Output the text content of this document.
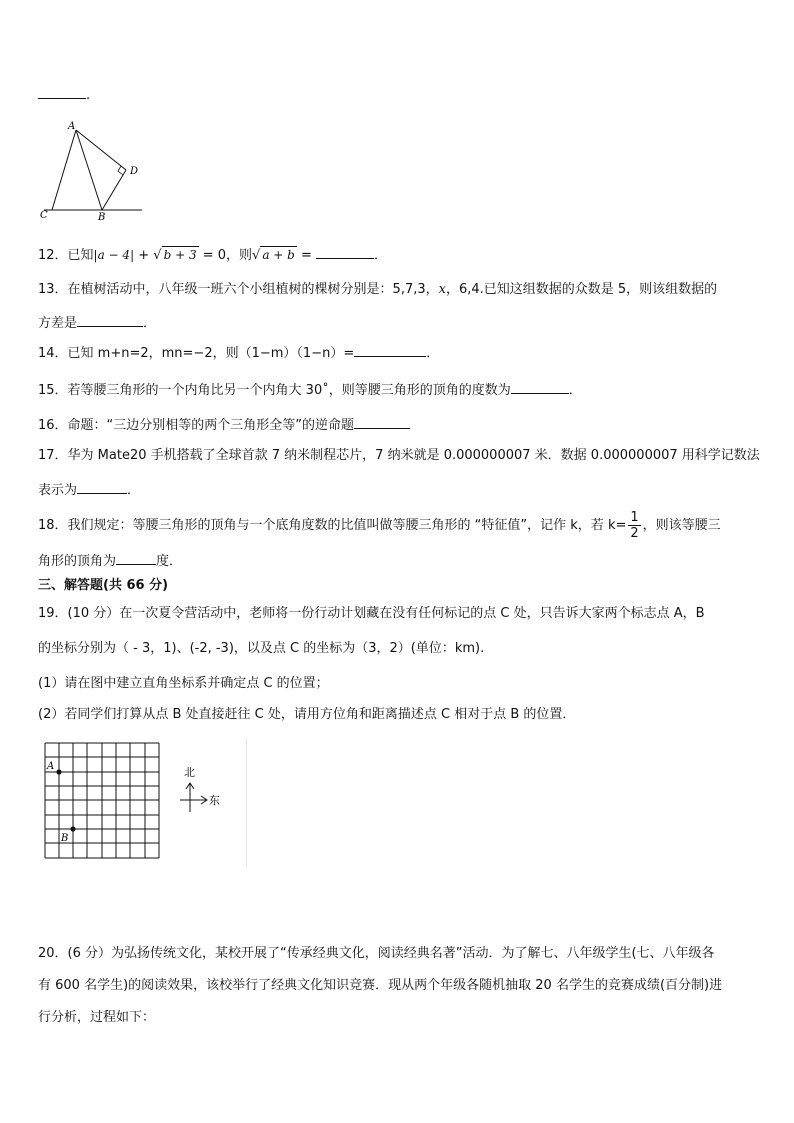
.
A
D
C	B
12．已知|a − 4| + √ b + 3 = 0，则√ a + b =	．
13．在植树活动中，八年级一班六个小组植树的棵树分别是：5,7,3，x，6,4.已知这组数据的众数是 5，则该组数据的
方差是	．
14．已知 m+n=2，mn=−2，则（1−m）（1−n）=	．
15．若等腰三角形的一个内角比另一个内角大 30˚，则等腰三角形的顶角的度数为	．
16．命题：“三边分别相等的两个三角形全等”的逆命题
17．华为 Mate20 手机搭载了全球首款 7 纳米制程芯片，7 纳米就是 0.000000007 米．数据 0.000000007 用科学记数法
表示为	．
18．我们规定：等腰三角形的顶角与一个底角度数的比值叫做等腰三角形的 “特征值”，记作 k，若 $k= \frac{1}{2}$ ，则该等腰三
角形的顶角为	度．
三、解答题(共 66 分)
19．(10 分）在一次夏令营活动中，老师将一份行动计划藏在没有任何标记的点 C 处，只告诉大家两个标志点 A，B
的坐标分别为（ - 3，1)、(-2, -3)，以及点 C 的坐标为（3，2）(单位：km).
(1）请在图中建立直角坐标系并确定点 C 的位置；
(2）若同学们打算从点 B 处直接赶往 C 处，请用方位角和距离描述点 C 相对于点 B 的位置．
A
B
北
东
20．(6 分）为弘扬传统文化，某校开展了“传承经典文化，阅读经典名著”活动．为了解七、八年级学生(七、八年级各
有 600 名学生)的阅读效果，该校举行了经典文化知识竞赛．现从两个年级各随机抽取 20 名学生的竞赛成绩(百分制)进
行分析，过程如下：
